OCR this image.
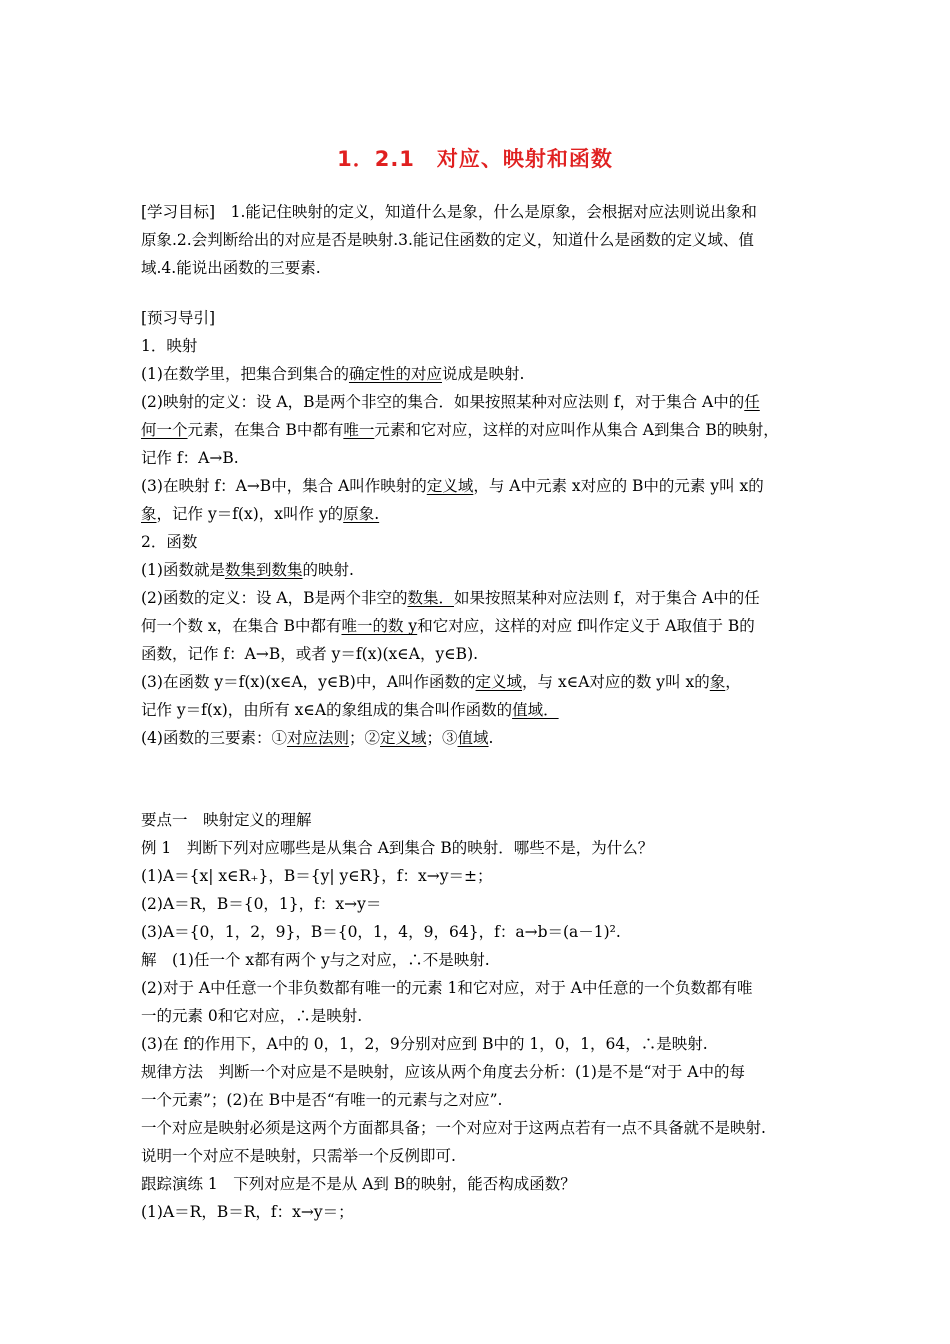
1．2.1　对应、映射和函数
[学习目标]　1.能记住映射的定义，知道什么是象，什么是原象，会根据对应法则说出象和
原象.2.会判断给出的对应是否是映射.3.能记住函数的定义，知道什么是函数的定义域、值
域.4.能说出函数的三要素.
[预习导引]
1．映射
(1)在数学里，把集合到集合的确定性的对应说成是映射.
(2)映射的定义：设 A，B是两个非空的集合．如果按照某种对应法则 f，对于集合 A中的任
何一个元素，在集合 B中都有唯一元素和它对应，这样的对应叫作从集合 A到集合 B的映射，
记作 f：A→B.
(3)在映射 f：A→B中，集合 A叫作映射的定义域，与 A中元素 x对应的 B中的元素 y叫 x的
象，记作 y＝f(x)，x叫作 y的原象.
2．函数
(1)函数就是数集到数集的映射.
(2)函数的定义：设 A，B是两个非空的数集．如果按照某种对应法则 f，对于集合 A中的任
何一个数 x，在集合 B中都有唯一的数 y和它对应，这样的对应 f叫作定义于 A取值于 B的
函数，记作 f：A→B，或者 y＝f(x)(x∈A，y∈B).
(3)在函数 y＝f(x)(x∈A，y∈B)中，A叫作函数的定义域，与 x∈A对应的数 y叫 x的象，
记作 y＝f(x)，由所有 x∈A的象组成的集合叫作函数的值域．
(4)函数的三要素：①对应法则；②定义域；③值域.
要点一　映射定义的理解
例 1　判断下列对应哪些是从集合 A到集合 B的映射．哪些不是，为什么？
(1)A＝{x| x∈R₊}，B＝{y| y∈R}，f：x→y＝±；
(2)A＝R，B＝{0，1}，f：x→y＝
(3)A＝{0，1，2，9}，B＝{0，1，4，9，64}，f：a→b＝(a－1)².
解　(1)任一个 x都有两个 y与之对应，∴不是映射.
(2)对于 A中任意一个非负数都有唯一的元素 1和它对应，对于 A中任意的一个负数都有唯
一的元素 0和它对应，∴是映射.
(3)在 f的作用下，A中的 0，1，2，9分别对应到 B中的 1，0，1，64，∴是映射.
规律方法　判断一个对应是不是映射，应该从两个角度去分析：(1)是不是“对于 A中的每
一个元素”；(2)在 B中是否“有唯一的元素与之对应”.
一个对应是映射必须是这两个方面都具备；一个对应对于这两点若有一点不具备就不是映射.
说明一个对应不是映射，只需举一个反例即可.
跟踪演练 1　下列对应是不是从 A到 B的映射，能否构成函数？
(1)A＝R，B＝R，f：x→y＝；
